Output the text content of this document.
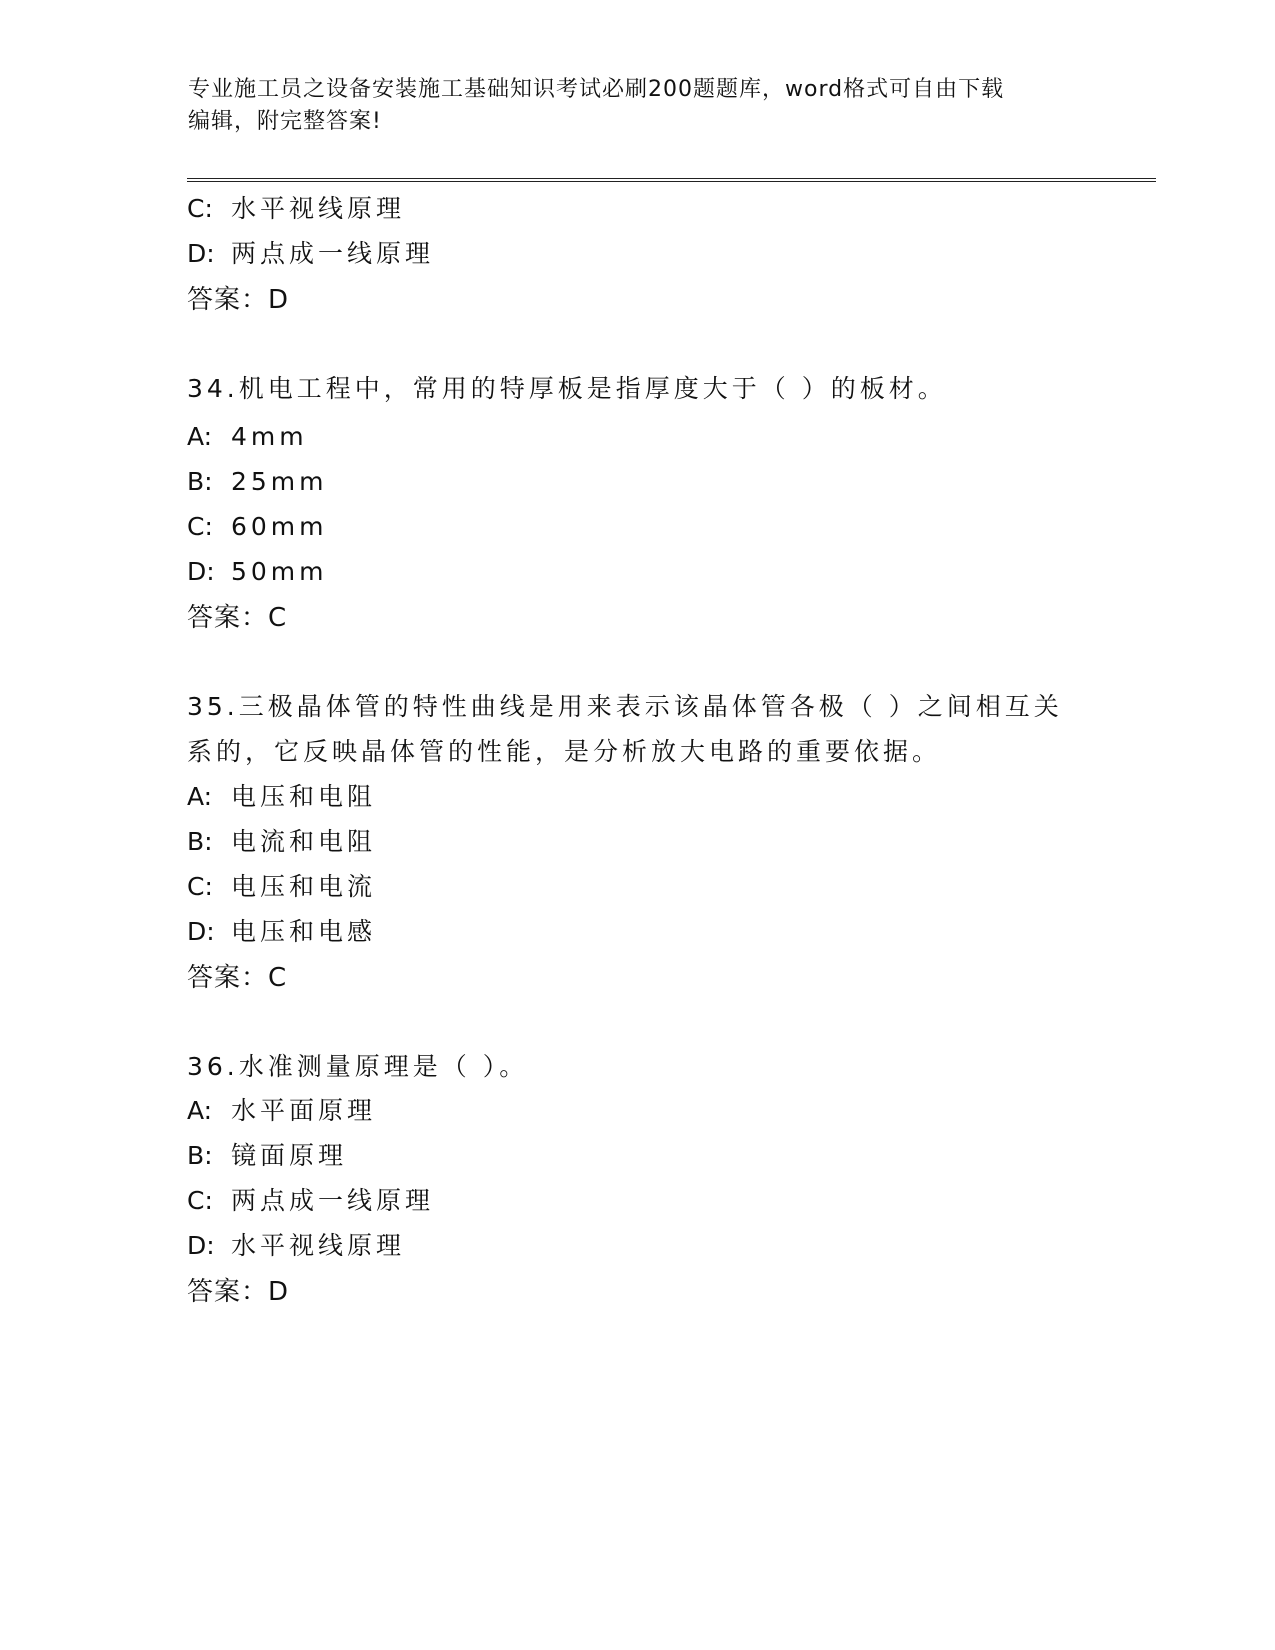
专业施工员之设备安装施工基础知识考试必刷200题题库，word格式可自由下载
编辑，附完整答案!
C: 水平视线原理
D: 两点成一线原理
答案：D
34.机电工程中，常用的特厚板是指厚度大于（ ）的板材。
A: 4mm
B: 25mm
C: 60mm
D: 50mm
答案：C
35.三极晶体管的特性曲线是用来表示该晶体管各极（ ）之间相互关
系的，它反映晶体管的性能，是分析放大电路的重要依据。
A: 电压和电阻
B: 电流和电阻
C: 电压和电流
D: 电压和电感
答案：C
36.水准测量原理是（ ）。
A: 水平面原理
B: 镜面原理
C: 两点成一线原理
D: 水平视线原理
答案：D
